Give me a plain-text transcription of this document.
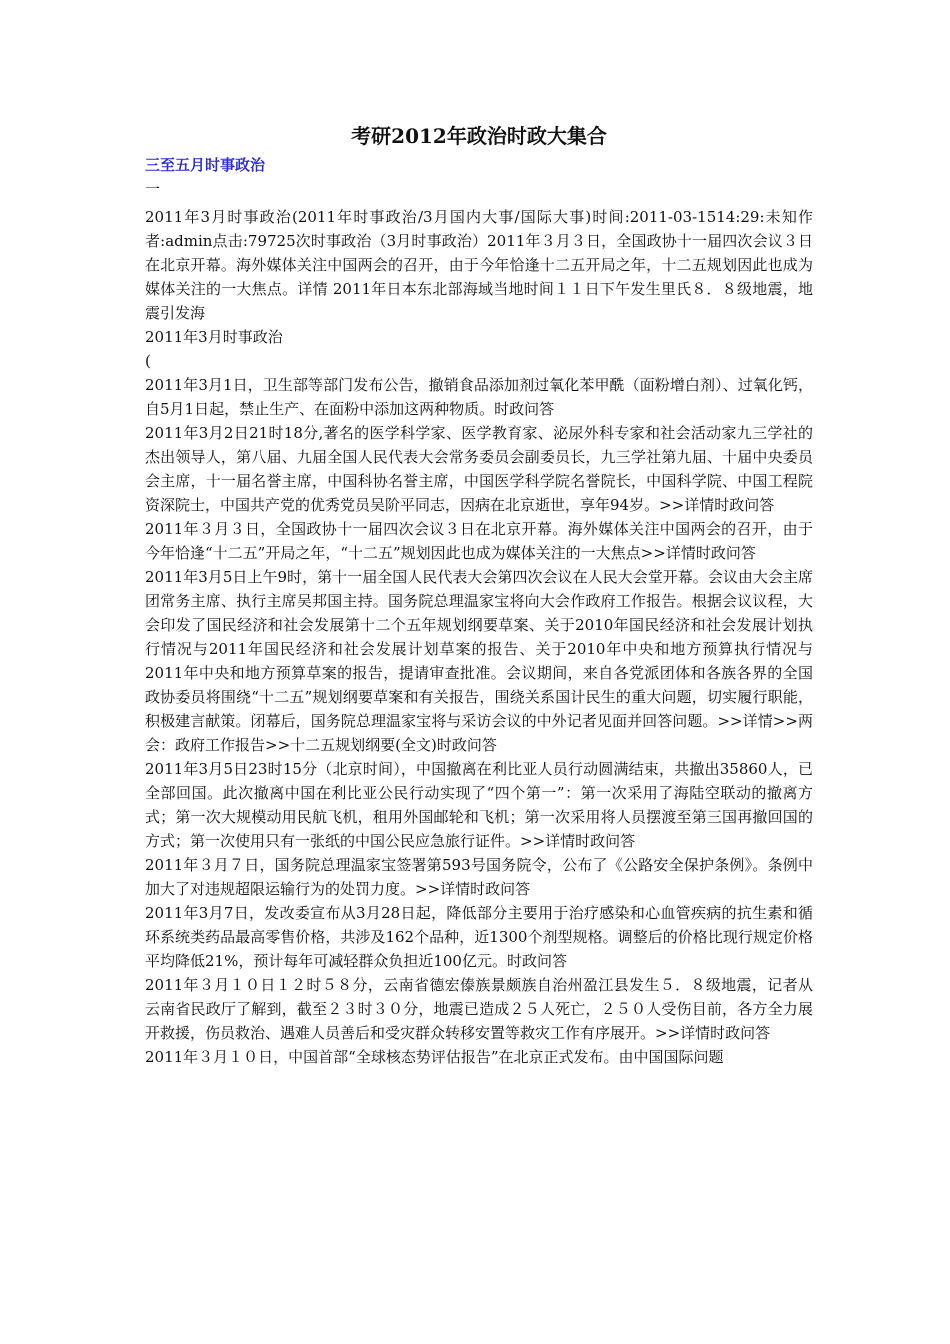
考研2012年政治时政大集合
三至五月时事政治
一
2011年3月时事政治(2011年时事政治/3月国内大事/国际大事)时间:2011-03-1514:29:未知作者:admin点击:79725次时事政治（3月时事政治）2011年３月３日，全国政协十一届四次会议３日在北京开幕。海外媒体关注中国两会的召开，由于今年恰逢十二五开局之年，十二五规划因此也成为媒体关注的一大焦点。详情 2011年日本东北部海域当地时间１１日下午发生里氏８．８级地震，地震引发海
2011年3月时事政治
(
2011年3月1日，卫生部等部门发布公告，撤销食品添加剂过氧化苯甲酰（面粉增白剂）、过氧化钙，自5月1日起，禁止生产、在面粉中添加这两种物质。时政问答
2011年3月2日21时18分,著名的医学科学家、医学教育家、泌尿外科专家和社会活动家九三学社的杰出领导人，第八届、九届全国人民代表大会常务委员会副委员长，九三学社第九届、十届中央委员会主席，十一届名誉主席，中国科协名誉主席，中国医学科学院名誉院长，中国科学院、中国工程院资深院士，中国共产党的优秀党员吴阶平同志，因病在北京逝世，享年94岁。>>详情时政问答
2011年３月３日，全国政协十一届四次会议３日在北京开幕。海外媒体关注中国两会的召开，由于今年恰逢“十二五”开局之年，“十二五”规划因此也成为媒体关注的一大焦点>>详情时政问答
2011年3月5日上午9时，第十一届全国人民代表大会第四次会议在人民大会堂开幕。会议由大会主席团常务主席、执行主席吴邦国主持。国务院总理温家宝将向大会作政府工作报告。根据会议议程，大会印发了国民经济和社会发展第十二个五年规划纲要草案、关于2010年国民经济和社会发展计划执行情况与2011年国民经济和社会发展计划草案的报告、关于2010年中央和地方预算执行情况与2011年中央和地方预算草案的报告，提请审查批准。会议期间，来自各党派团体和各族各界的全国政协委员将围绕“十二五”规划纲要草案和有关报告，围绕关系国计民生的重大问题，切实履行职能，积极建言献策。闭幕后，国务院总理温家宝将与采访会议的中外记者见面并回答问题。>>详情>>两会：政府工作报告>>十二五规划纲要(全文)时政问答
2011年3月5日23时15分（北京时间），中国撤离在利比亚人员行动圆满结束，共撤出35860人，已全部回国。此次撤离中国在利比亚公民行动实现了“四个第一”：第一次采用了海陆空联动的撤离方式；第一次大规模动用民航飞机，租用外国邮轮和飞机；第一次采用将人员摆渡至第三国再撤回国的方式；第一次使用只有一张纸的中国公民应急旅行证件。>>详情时政问答
2011年３月７日，国务院总理温家宝签署第593号国务院令，公布了《公路安全保护条例》。条例中加大了对违规超限运输行为的处罚力度。>>详情时政问答
2011年3月7日，发改委宣布从3月28日起，降低部分主要用于治疗感染和心血管疾病的抗生素和循环系统类药品最高零售价格，共涉及162个品种，近1300个剂型规格。调整后的价格比现行规定价格平均降低21%，预计每年可减轻群众负担近100亿元。时政问答
2011年３月１０日１２时５８分，云南省德宏傣族景颇族自治州盈江县发生５．８级地震，记者从云南省民政厅了解到，截至２３时３０分，地震已造成２５人死亡，２５０人受伤目前，各方全力展开救援，伤员救治、遇难人员善后和受灾群众转移安置等救灾工作有序展开。>>详情时政问答
2011年３月１０日，中国首部“全球核态势评估报告”在北京正式发布。由中国国际问题
